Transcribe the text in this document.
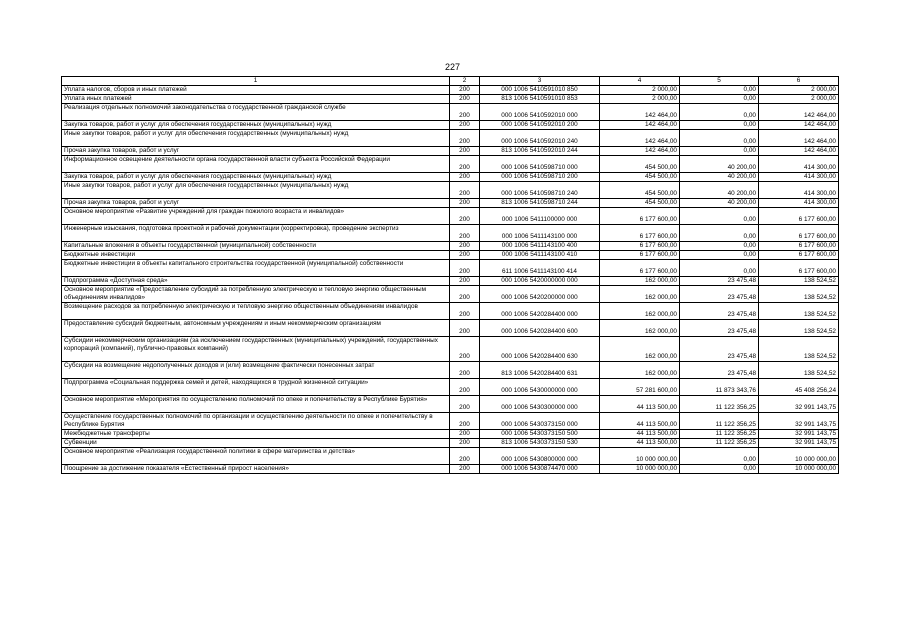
227
1	2	3	4	5	6
Уплата налогов, сборов и иных платежей	200	000 1006 5410591010 850	2 000,00	0,00	2 000,00
Уплата иных платежей	200	813 1006 5410591010 853	2 000,00	0,00	2 000,00
Реализация отдельных полномочий законодательства о государственной гражданской службе	200	000 1006 5410592010 000	142 464,00	0,00	142 464,00
Закупка товаров, работ и услуг для обеспечения государственных (муниципальных) нужд	200	000 1006 5410592010 200	142 464,00	0,00	142 464,00
Иные закупки товаров, работ и услуг для обеспечения государственных (муниципальных) нужд	200	000 1006 5410592010 240	142 464,00	0,00	142 464,00
Прочая закупка товаров, работ и услуг	200	813 1006 5410592010 244	142 464,00	0,00	142 464,00
Информационное освещение деятельности органа государственной власти субъекта Российской Федерации	200	000 1006 5410598710 000	454 500,00	40 200,00	414 300,00
Закупка товаров, работ и услуг для обеспечения государственных (муниципальных) нужд	200	000 1006 5410598710 200	454 500,00	40 200,00	414 300,00
Иные закупки товаров, работ и услуг для обеспечения государственных (муниципальных) нужд	200	000 1006 5410598710 240	454 500,00	40 200,00	414 300,00
Прочая закупка товаров, работ и услуг	200	813 1006 5410598710 244	454 500,00	40 200,00	414 300,00
Основное мероприятие «Развитие учреждений для граждан пожилого возраста и инвалидов»	200	000 1006 5411100000 000	6 177 600,00	0,00	6 177 600,00
Инженерные изыскания, подготовка проектной и рабочей документации (корректировка), проведение экспертиз	200	000 1006 5411143100 000	6 177 600,00	0,00	6 177 600,00
Капитальные вложения в объекты государственной (муниципальной) собственности	200	000 1006 5411143100 400	6 177 600,00	0,00	6 177 600,00
Бюджетные инвестиции	200	000 1006 5411143100 410	6 177 600,00	0,00	6 177 600,00
Бюджетные инвестиции в объекты капитального строительства государственной (муниципальной) собственности	200	611 1006 5411143100 414	6 177 600,00	0,00	6 177 600,00
Подпрограмма «Доступная среда»	200	000 1006 5420000000 000	162 000,00	23 475,48	138 524,52
Основное мероприятие «Предоставление субсидий за потребленную электрическую и тепловую энергию общественным объединениям инвалидов»	200	000 1006 5420200000 000	162 000,00	23 475,48	138 524,52
Возмещение расходов за потребленную электрическую и тепловую энергию общественным объединениям инвалидов	200	000 1006 5420284400 000	162 000,00	23 475,48	138 524,52
Предоставление субсидий бюджетным, автономным учреждениям и иным некоммерческим организациям	200	000 1006 5420284400 600	162 000,00	23 475,48	138 524,52
Субсидии некоммерческим организациям (за исключением государственных (муниципальных) учреждений, государственных корпораций (компаний), публично-правовых компаний)	200	000 1006 5420284400 630	162 000,00	23 475,48	138 524,52
Субсидии на возмещение недополученных доходов и (или) возмещение фактически понесенных затрат	200	813 1006 5420284400 631	162 000,00	23 475,48	138 524,52
Подпрограмма «Социальная поддержка семей и детей, находящихся в трудной жизненной ситуации»	200	000 1006 5430000000 000	57 281 600,00	11 873 343,76	45 408 256,24
Основное мероприятие «Мероприятия по осуществлению полномочий по опеке и попечительству в Республике Бурятия»	200	000 1006 5430300000 000	44 113 500,00	11 122 356,25	32 991 143,75
Осуществление государственных полномочий по организации и осуществлению деятельности по опеке и попечительству в Республике Бурятия	200	000 1006 5430373150 000	44 113 500,00	11 122 356,25	32 991 143,75
Межбюджетные трансферты	200	000 1006 5430373150 500	44 113 500,00	11 122 356,25	32 991 143,75
Субвенции	200	813 1006 5430373150 530	44 113 500,00	11 122 356,25	32 991 143,75
Основное мероприятие «Реализация государственной политики в сфере материнства и детства»	200	000 1006 5430800000 000	10 000 000,00	0,00	10 000 000,00
Поощрение за достижение показателя «Естественный прирост населения»	200	000 1006 5430874470 000	10 000 000,00	0,00	10 000 000,00
